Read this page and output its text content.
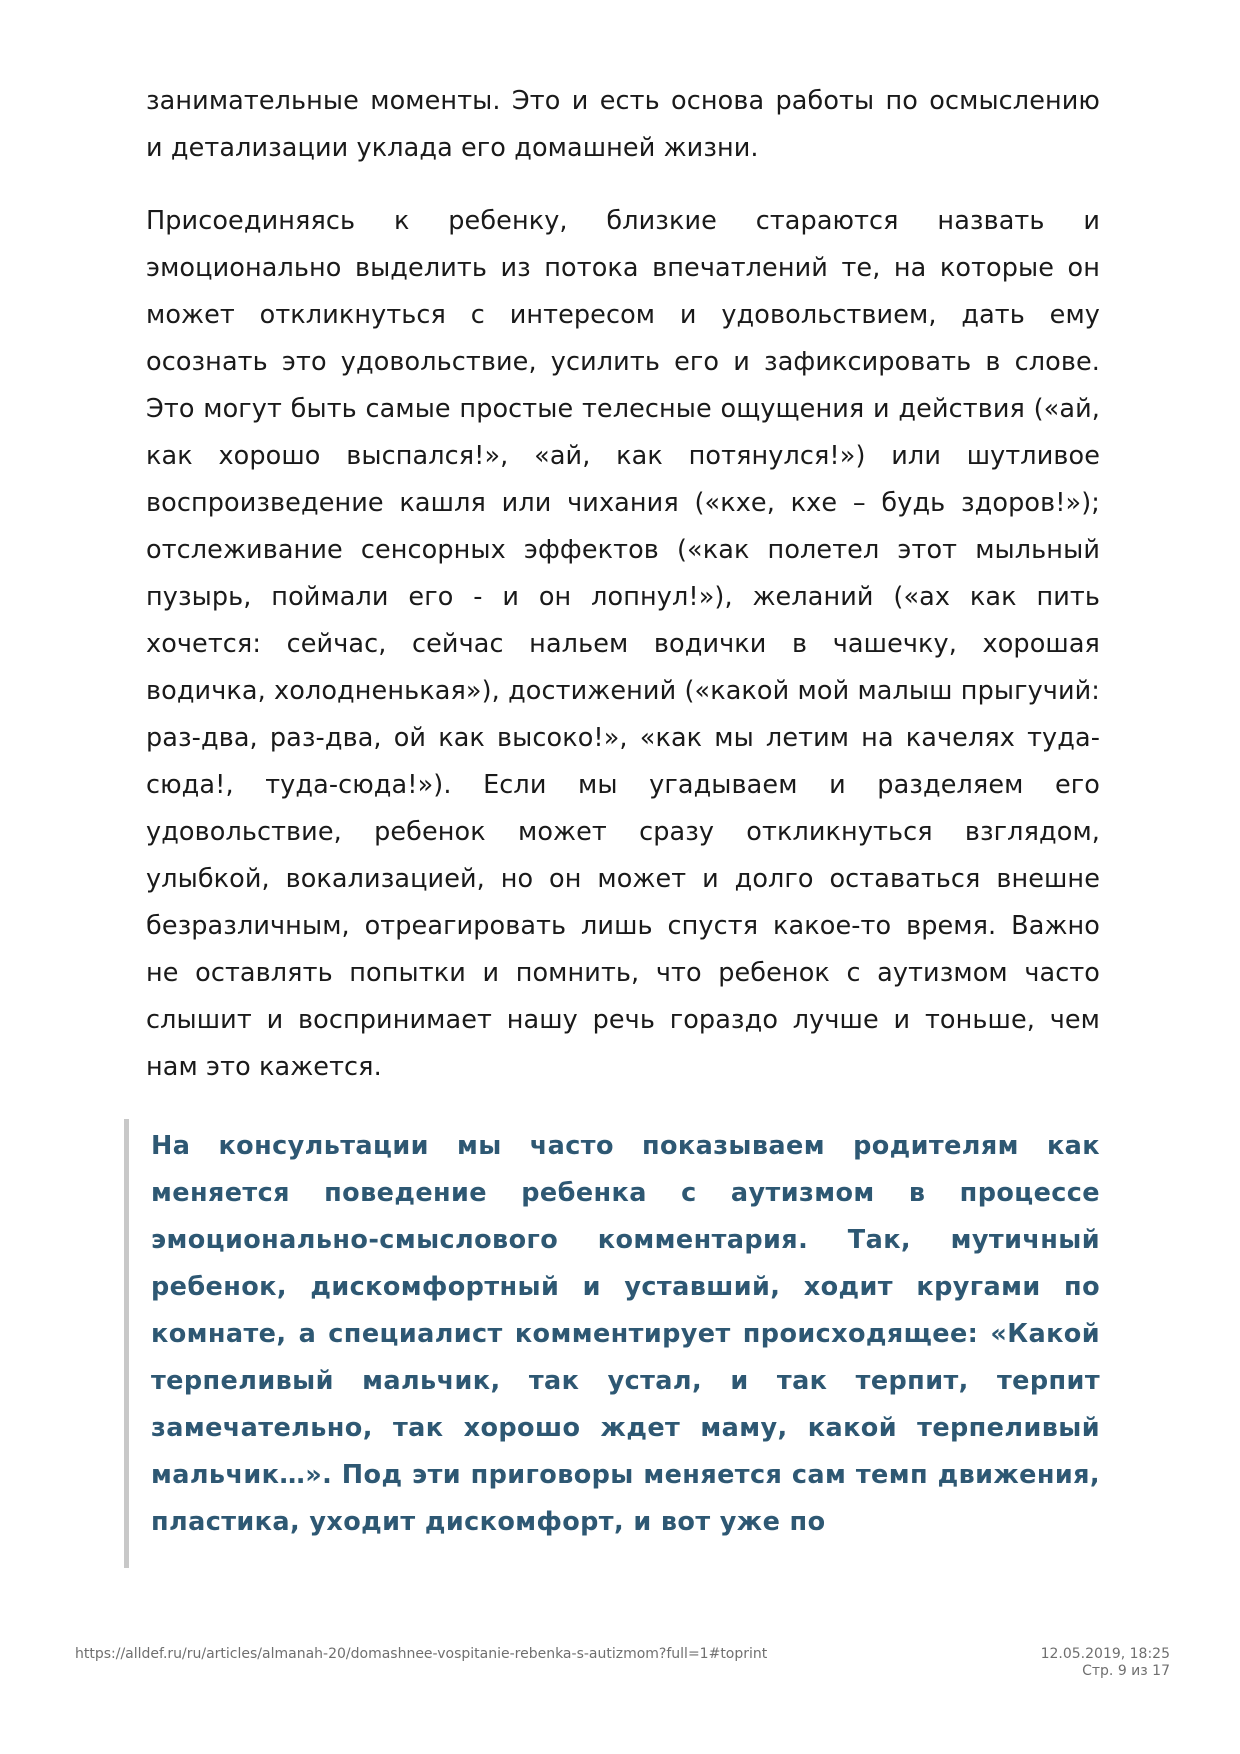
занимательные моменты. Это и есть основа работы по осмыслению и детализации уклада его домашней жизни.

Присоединяясь к ребенку, близкие стараются назвать и эмоционально выделить из потока впечатлений те, на которые он может откликнуться с интересом и удовольствием, дать ему осознать это удовольствие, усилить его и зафиксировать в слове. Это могут быть самые простые телесные ощущения и действия («ай, как хорошо выспался!», «ай, как потянулся!») или шутливое воспроизведение кашля или чихания («кхе, кхе – будь здоров!»); отслеживание сенсорных эффектов («как полетел этот мыльный пузырь, поймали его - и он лопнул!»), желаний («ах как пить хочется: сейчас, сейчас нальем водички в чашечку, хорошая водичка, холодненькая»), достижений («какой мой малыш прыгучий: раз-два, раз-два, ой как высоко!», «как мы летим на качелях туда-сюда!, туда-сюда!»). Если мы угадываем и разделяем его удовольствие, ребенок может сразу откликнуться взглядом, улыбкой, вокализацией, но он может и долго оставаться внешне безразличным, отреагировать лишь спустя какое-то время. Важно не оставлять попытки и помнить, что ребенок с аутизмом часто слышит и воспринимает нашу речь гораздо лучше и тоньше, чем нам это кажется.

На консультации мы часто показываем родителям как меняется поведение ребенка с аутизмом в процессе эмоционально-смыслового комментария. Так, мутичный ребенок, дискомфортный и уставший, ходит кругами по комнате, а специалист комментирует происходящее: «Какой терпеливый мальчик, так устал, и так терпит, терпит замечательно, так хорошо ждет маму, какой терпеливый мальчик…». Под эти приговоры меняется сам темп движения, пластика, уходит дискомфорт, и вот уже по

https://alldef.ru/ru/articles/almanah-20/domashnee-vospitanie-rebenka-s-autizmom?full=1#toprint	12.05.2019, 18:25
Стр. 9 из 17
